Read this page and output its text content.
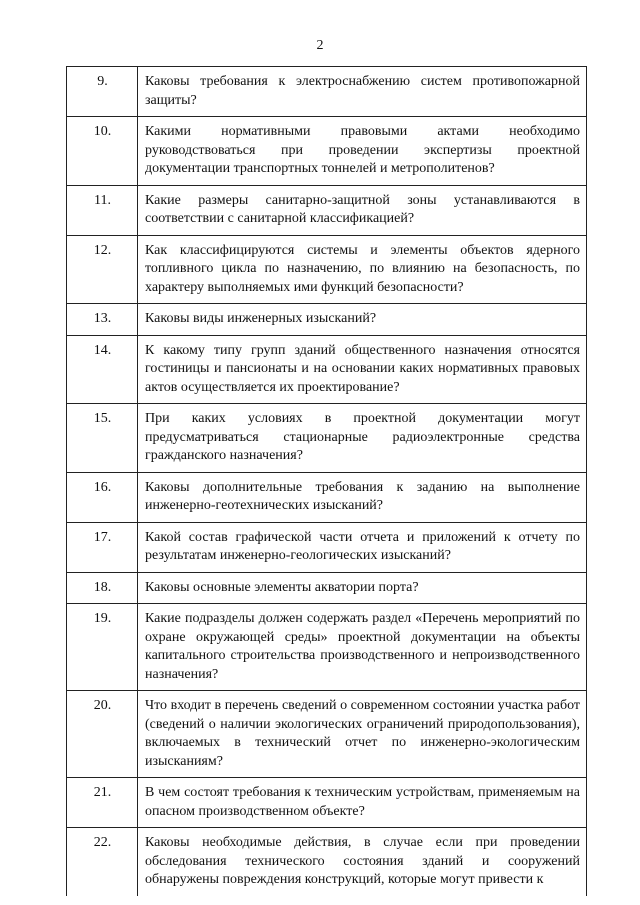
2
9.	Каковы требования к электроснабжению систем противопожарной защиты?
10.	Какими нормативными правовыми актами необходимо руководствоваться при проведении экспертизы проектной документации транспортных тоннелей и метрополитенов?
11.	Какие размеры санитарно-защитной зоны устанавливаются в соответствии с санитарной классификацией?
12.	Как классифицируются системы и элементы объектов ядерного топливного цикла по назначению, по влиянию на безопасность, по характеру выполняемых ими функций безопасности?
13.	Каковы виды инженерных изысканий?
14.	К какому типу групп зданий общественного назначения относятся гостиницы и пансионаты и на основании каких нормативных правовых актов осуществляется их проектирование?
15.	При каких условиях в проектной документации могут предусматриваться стационарные радиоэлектронные средства гражданского назначения?
16.	Каковы дополнительные требования к заданию на выполнение инженерно-геотехнических изысканий?
17.	Какой состав графической части отчета и приложений к отчету по результатам инженерно-геологических изысканий?
18.	Каковы основные элементы акватории порта?
19.	Какие подразделы должен содержать раздел «Перечень мероприятий по охране окружающей среды» проектной документации на объекты капитального строительства производственного и непроизводственного назначения?
20.	Что входит в перечень сведений о современном состоянии участка работ (сведений о наличии экологических ограничений природопользования), включаемых в технический отчет по инженерно-экологическим изысканиям?
21.	В чем состоят требования к техническим устройствам, применяемым на опасном производственном объекте?
22.	Каковы необходимые действия, в случае если при проведении обследования технического состояния зданий и сооружений обнаружены повреждения конструкций, которые могут привести к
